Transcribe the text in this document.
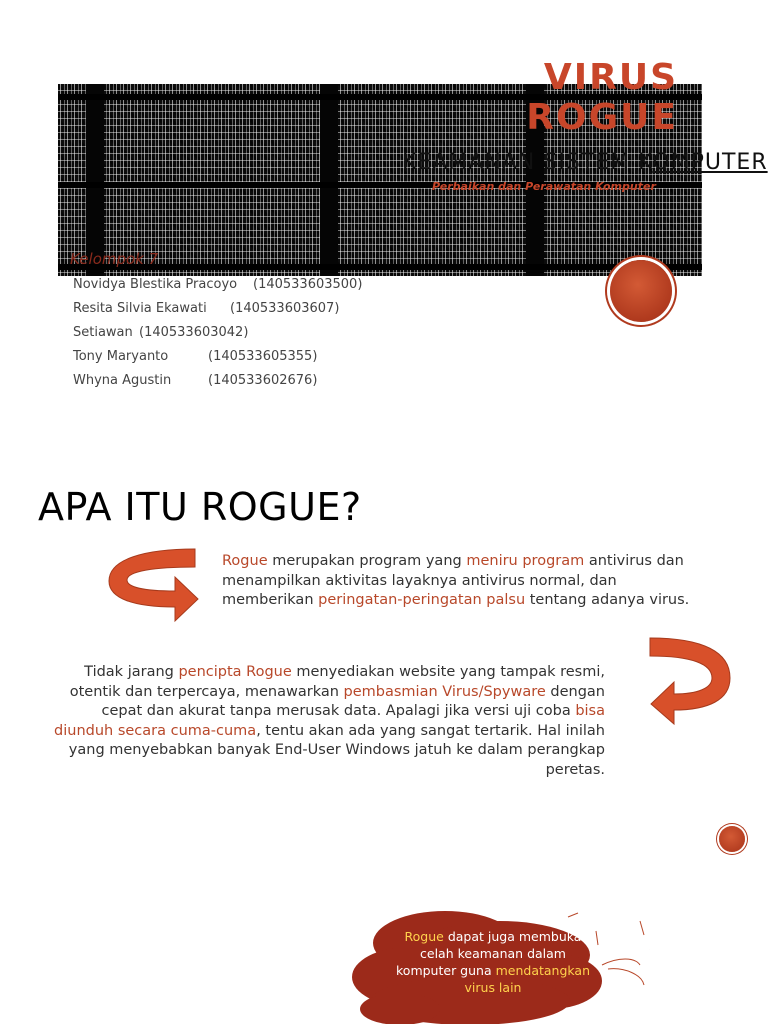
VIRUS
ROGUE
KEAMANAN SISTEM KOMPUTER
Perbaikan dan Perawatan Komputer
Kelompok 7
Novidya Blestika Pracoyo (140533603500)
Resita Silvia Ekawati (140533603607)
Setiawan (140533603042)
Tony Maryanto	(140533605355)
Whyna Agustin	(140533602676)
APA ITU ROGUE?
Rogue merupakan program yang meniru program antivirus dan menampilkan aktivitas layaknya antivirus normal, dan memberikan peringatan-peringatan palsu tentang adanya virus.
Tidak jarang pencipta Rogue menyediakan website yang tampak resmi, otentik dan terpercaya, menawarkan pembasmian Virus/Spyware dengan cepat dan akurat tanpa merusak data. Apalagi jika versi uji coba bisa diunduh secara cuma-cuma, tentu akan ada yang sangat tertarik. Hal inilah yang menyebabkan banyak End-User Windows jatuh ke dalam perangkap peretas.
Rogue dapat juga membuka celah keamanan dalam komputer guna mendatangkan virus lain
